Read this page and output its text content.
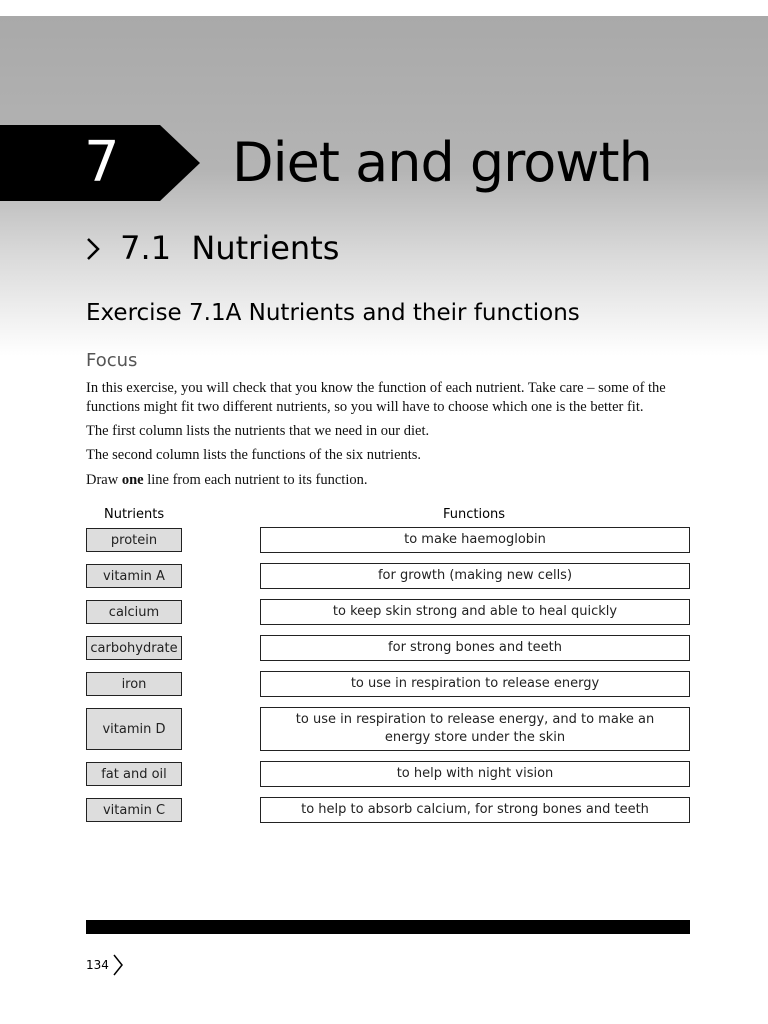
7 Diet and growth
7.1 Nutrients
Exercise 7.1A Nutrients and their functions
Focus
In this exercise, you will check that you know the function of each nutrient. Take care – some of the functions might fit two different nutrients, so you will have to choose which one is the better fit.
The first column lists the nutrients that we need in our diet.
The second column lists the functions of the six nutrients.
Draw one line from each nutrient to its function.
Nutrients	Functions
protein
vitamin A
calcium
carbohydrate
iron
vitamin D
fat and oil
vitamin C
to make haemoglobin
for growth (making new cells)
to keep skin strong and able to heal quickly
for strong bones and teeth
to use in respiration to release energy
to use in respiration to release energy, and to make an energy store under the skin
to help with night vision
to help to absorb calcium, for strong bones and teeth
134
